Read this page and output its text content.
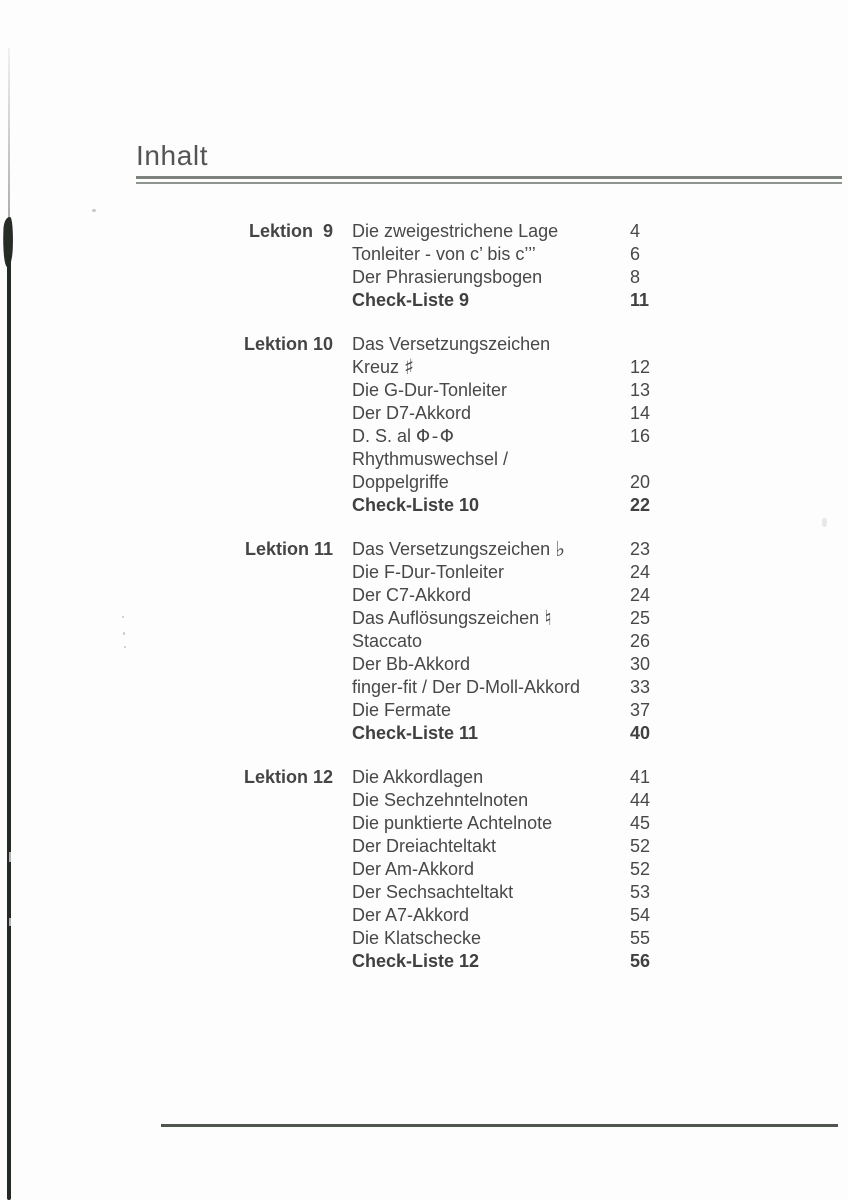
Inhalt
Lektion  9 Die zweigestrichene Lage	4
Tonleiter - von c’ bis c’’’	6
Der Phrasierungsbogen	8
Check-Liste 9	11
Lektion 10 Das Versetzungszeichen
Kreuz ♯	12
Die G-Dur-Tonleiter	13
Der D7-Akkord	14
D. S. al Φ-Φ	16
Rhythmuswechsel /
Doppelgriffe	20
Check-Liste 10	22
Lektion 11 Das Versetzungszeichen ♭	23
Die F-Dur-Tonleiter	24
Der C7-Akkord	24
Das Auflösungszeichen ♮	25
Staccato	26
Der Bb-Akkord	30
finger-fit / Der D-Moll-Akkord	33
Die Fermate	37
Check-Liste 11	40
Lektion 12 Die Akkordlagen	41
Die Sechzehntelnoten	44
Die punktierte Achtelnote	45
Der Dreiachteltakt	52
Der Am-Akkord	52
Der Sechsachteltakt	53
Der A7-Akkord	54
Die Klatschecke	55
Check-Liste 12	56
